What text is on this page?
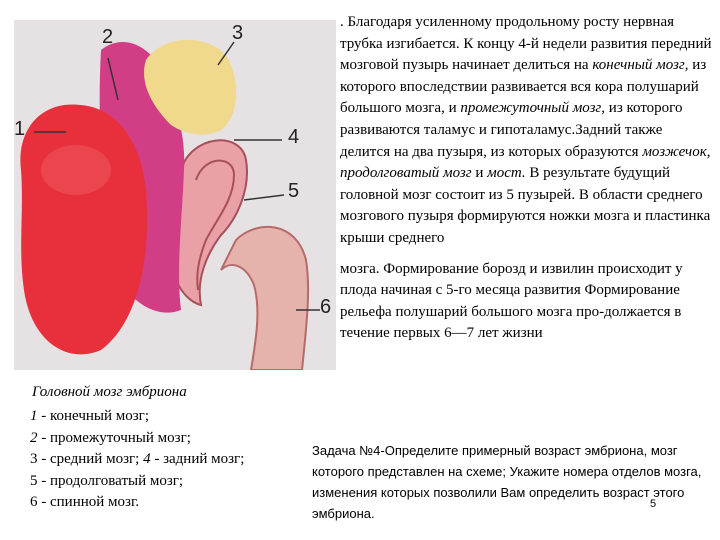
1
2	3
4
5
6

. Благодаря усиленному продольному росту нервная трубка изгибается. К концу 4-й недели развития передний мозговой пузырь начинает делиться на конечный мозг, из которого впоследствии развивается вся кора полушарий большого мозга, и промежуточный мозг, из которого развиваются таламус и гипоталамус.Задний также делится на два пузыря, из которых образуются мозжечок, продолговатый мозг и мост. В результате будущий головной мозг состоит из 5 пузырей. В области среднего мозгового пузыря формируются ножки мозга и пластинка крыши среднего

мозга. Формирование борозд и извилин происходит у плода начиная с 5-го месяца развития Формирование рельефа полушарий большого мозга про-должается в течение первых 6—7 лет жизни

Головной мозг эмбриона
1 - конечный мозг;
2 - промежуточный мозг;
3 - средний мозг; 4 - задний мозг;
5 - продолговатый мозг;
6 - спинной мозг.
Задача №4-Определите примерный возраст эмбриона, мозг которого представлен на схеме; Укажите номера отделов мозга, изменения которых позволили Вам определить возраст этого эмбриона.
5
